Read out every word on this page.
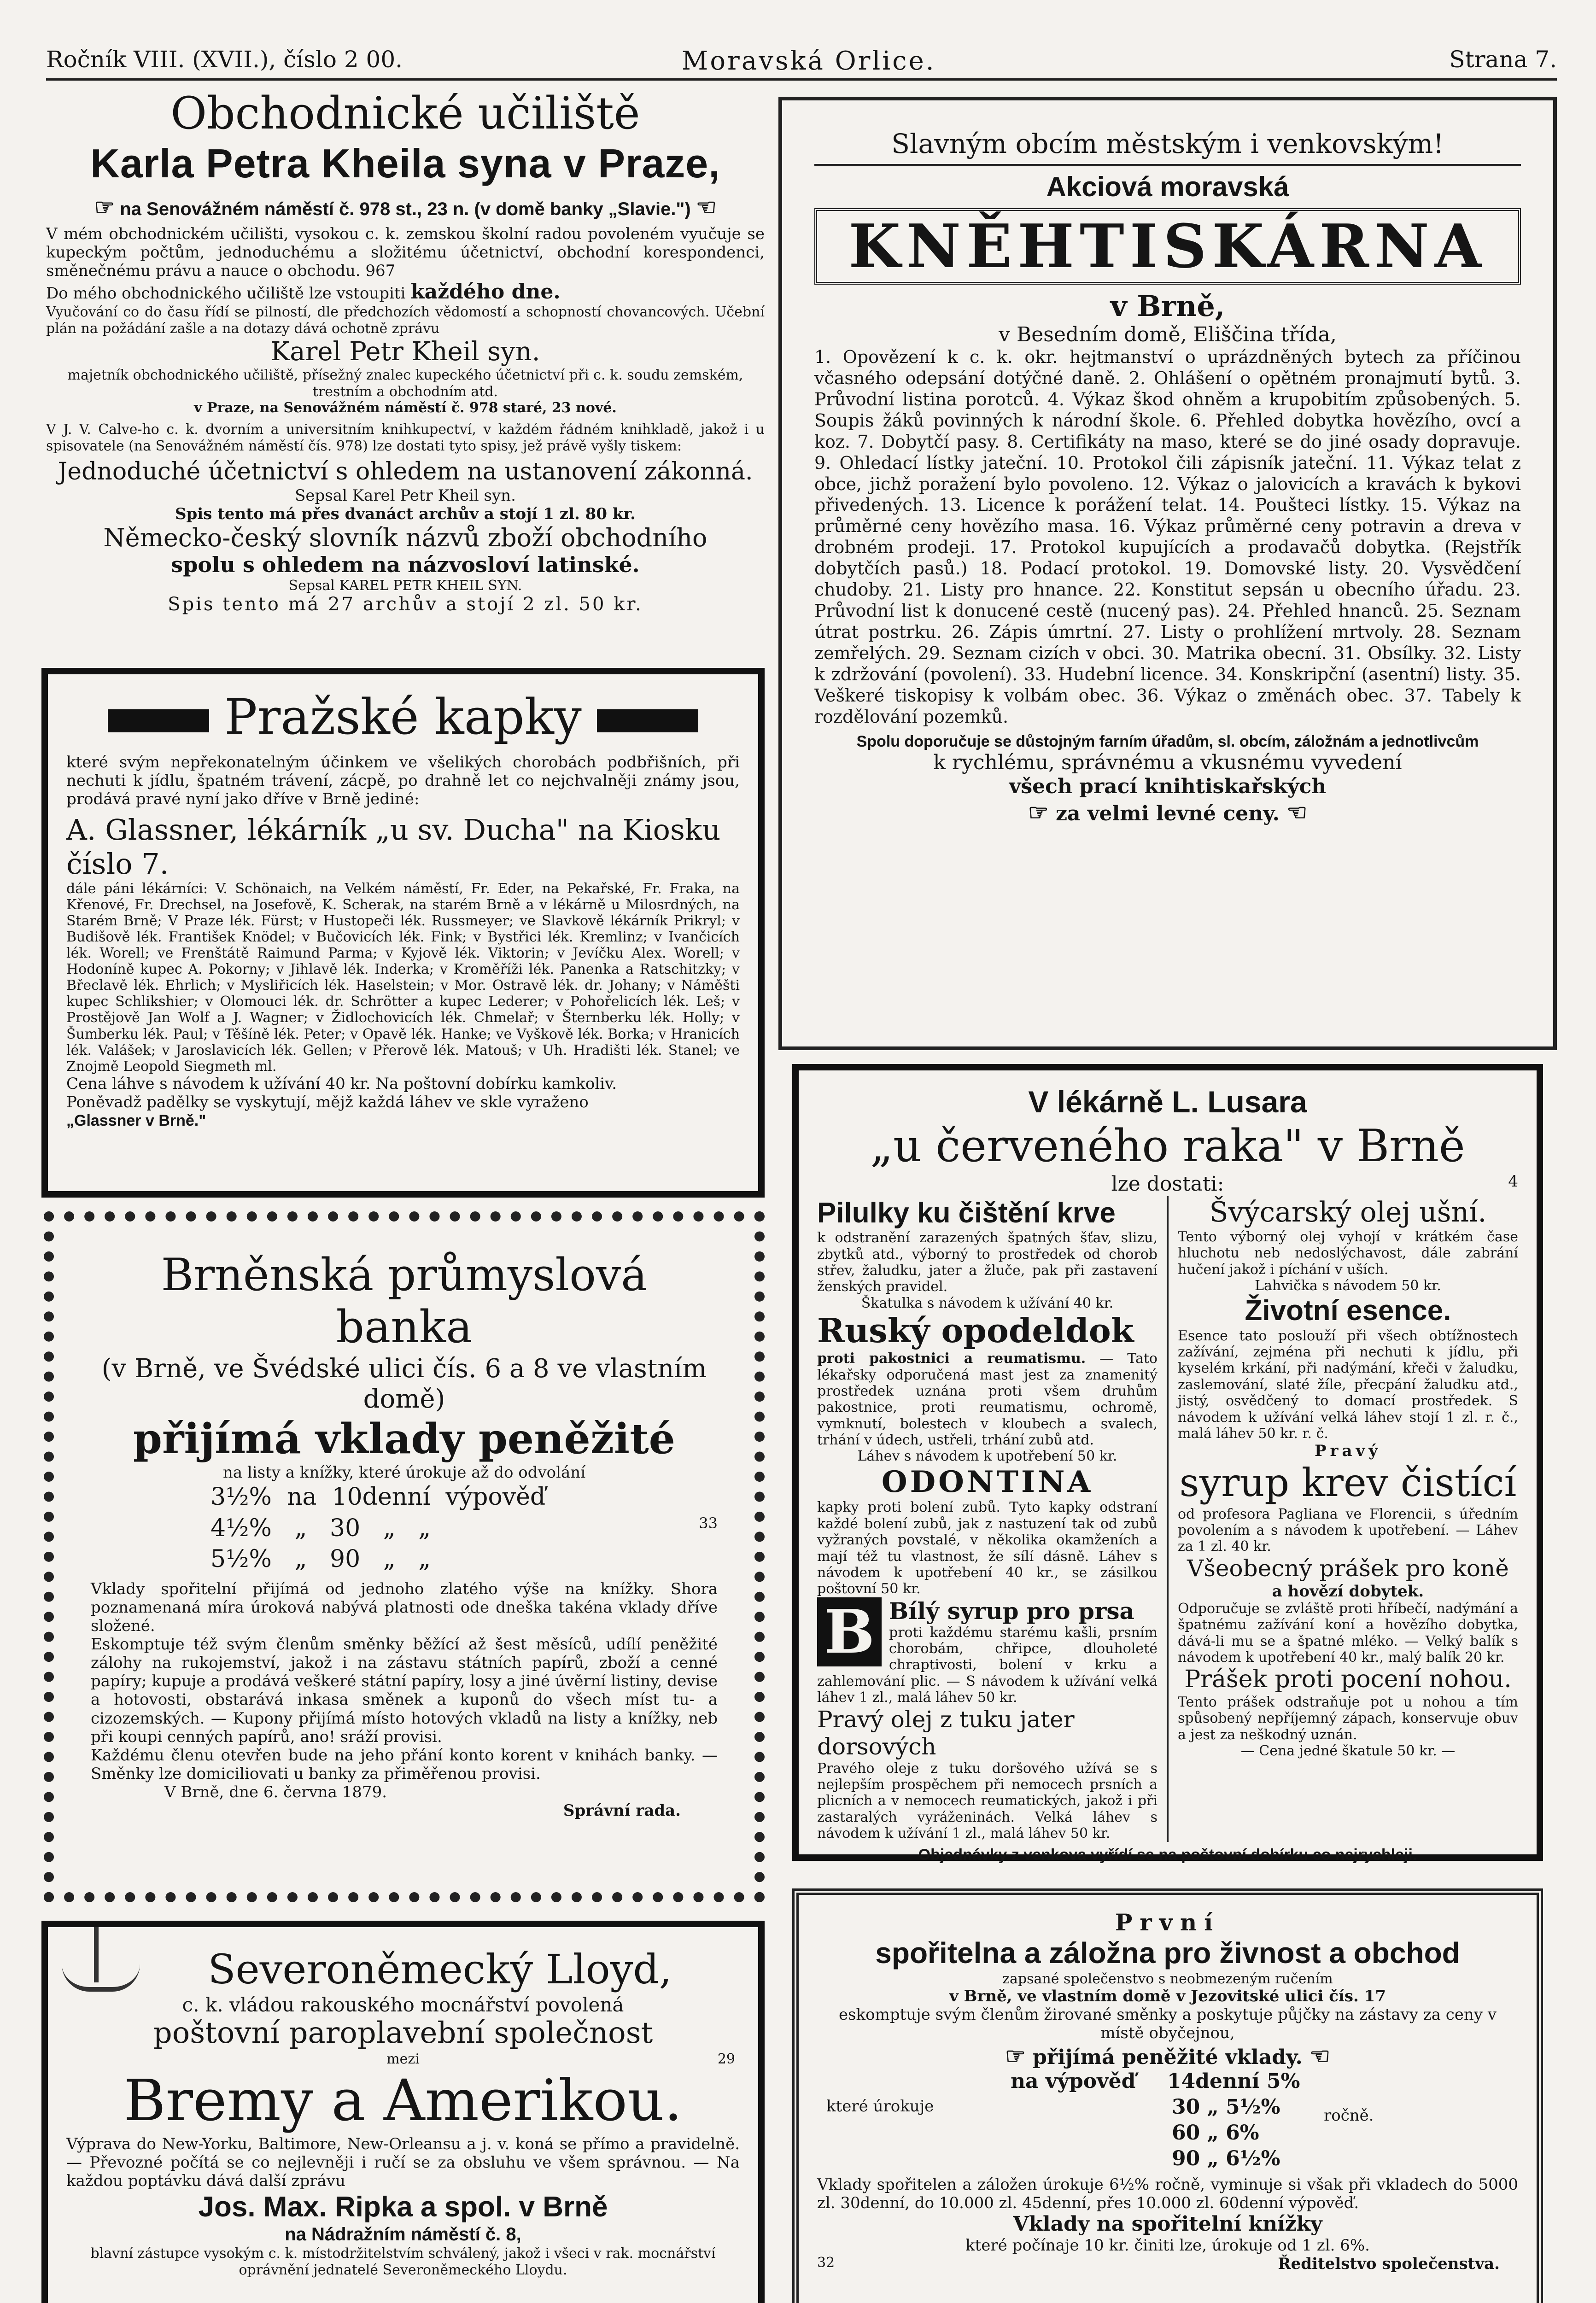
Ročník VIII. (XVII.), číslo 2 00.	Moravská Orlice.	Strana 7.

Obchodnické učiliště

Karla Petra Kheila syna v Praze,

☞ na Senovážném náměstí č. 978 st., 23 n. (v domě banky „Slavie.") ☜

V mém obchodnickém učilišti, vysokou c. k. zemskou školní radou povoleném vyučuje se kupeckým počtům, jednoduchému a složitému účetnictví, obchodní korespondenci, směnečnému právu a nauce o obchodu. 967

Do mého obchodnického učiliště lze vstoupiti každého dne.

Vyučování co do času řídí se pilností, dle předchozích vědomostí a schopností chovancových. Učební plán na požádání zašle a na dotazy dává ochotně zprávu

Karel Petr Kheil syn.

majetník obchodnického učiliště, přísežný znalec kupeckého účetnictví při c. k. soudu zemském, trestním a obchodním atd.

v Praze, na Senovážném náměstí č. 978 staré, 23 nové.

V J. V. Calve-ho c. k. dvorním a universitním knihkupectví, v každém řádném knihkladě, jakož i u spisovatele (na Senovážném náměstí čís. 978) lze dostati tyto spisy, jež právě vyšly tiskem:

Jednoduché účetnictví s ohledem na ustanovení zákonná.

Sepsal Karel Petr Kheil syn.

Spis tento má přes dvanáct archův a stojí 1 zl. 80 kr.

Německo-český slovník názvů zboží obchodního

spolu s ohledem na názvosloví latinské.

Sepsal KAREL PETR KHEIL SYN.

Spis tento má 27 archův a stojí 2 zl. 50 kr.

Pražské kapky

které svým nepřekonatelným účinkem ve všelikých chorobách podbřišních, při nechuti k jídlu, špatném trávení, zácpě, po drahně let co nejchvalněji známy jsou, prodává pravé nyní jako dříve v Brně jediné:

A. Glassner, lékárník „u sv. Ducha" na Kiosku číslo 7.

dále páni lékárníci: V. Schönaich, na Velkém náměstí, Fr. Eder, na Pekařské, Fr. Fraka, na Křenové, Fr. Drechsel, na Josefově, K. Scherak, na starém Brně a v lékárně u Milosrdných, na Starém Brně; V Praze lék. Fürst; v Hustopeči lék. Russmeyer; ve Slavkově lékárník Prikryl; v Budišově lék. František Knödel; v Bučovicích lék. Fink; v Bystřici lék. Kremlinz; v Ivančicích lék. Worell; ve Frenštátě Raimund Parma; v Kyjově lék. Viktorin; v Jevíčku Alex. Worell; v Hodoníně kupec A. Pokorny; v Jihlavě lék. Inderka; v Kroměříži lék. Panenka a Ratschitzky; v Břeclavě lék. Ehrlich; v Mysliřicích lék. Haselstein; v Mor. Ostravě lék. dr. Johany; v Náměšti kupec Schlikshier; v Olomouci lék. dr. Schrötter a kupec Lederer; v Pohořelicích lék. Leš; v Prostějově Jan Wolf a J. Wagner; v Židlochovicích lék. Chmelař; v Šternberku lék. Holly; v Šumberku lék. Paul; v Těšíně lék. Peter; v Opavě lék. Hanke; ve Vyškově lék. Borka; v Hranicích lék. Valášek; v Jaroslavicích lék. Gellen; v Přerově lék. Matouš; v Uh. Hradišti lék. Stanel; ve Znojmě Leopold Siegmeth ml.

Cena láhve s návodem k užívání 40 kr. Na poštovní dobírku kamkoliv.

Poněvadž padělky se vyskytují, mějž každá láhev ve skle vyraženo

„Glassner v Brně."

Brněnská průmyslová banka

(v Brně, ve Švédské ulici čís. 6 a 8 ve vlastním domě)

přijímá vklady peněžité

na listy a knížky, které úrokuje až do odvolání

3½%  na  10denní  výpověď
4½%   „   30   „   „
5½%   „   90   „   „
33

Vklady spořitelní přijímá od jednoho zlatého výše na knížky. Shora poznamenaná míra úroková nabývá platnosti ode dneška takéna vklady dříve složené.

Eskomptuje též svým členům směnky běžící až šest měsíců, udílí peněžité zálohy na rukojemství, jakož i na zástavu státních papírů, zboží a cenné papíry; kupuje a prodává veškeré státní papíry, losy a jiné úvěrní listiny, devise a hotovosti, obstarává inkasa směnek a kuponů do všech míst tu- a cizozemských. — Kupony přijímá místo hotových vkladů na listy a knížky, neb při koupi cenných papírů, ano! sráží provisi.

Každému členu otevřen bude na jeho přání konto korent v knihách banky. — Směnky lze domiciliovati u banky za přiměřenou provisi.

V Brně, dne 6. června 1879.

Správní rada.

Severoněmecký Lloyd,

c. k. vládou rakouského mocnářství povolená

poštovní paroplavební společnost

mezi	29

Bremy a Amerikou.

Výprava do New-Yorku, Baltimore, New-Orleansu a j. v. koná se přímo a pravidelně. — Převozné počítá se co nejlevněji i ručí se za obsluhu ve všem správnou. — Na každou poptávku dává další zprávu

Jos. Max. Ripka a spol. v Brně

na Nádražním náměstí č. 8,

blavní zástupce vysokým c. k. místodržitelstvím schválený, jakož i všeci v rak. mocnářství oprávnění jednatelé Severoněmeckého Lloydu.

Slavným obcím městským i venkovským!

Akciová moravská

KNĚHTISKÁRNA

v Brně,

v Besedním domě, Eliščina třída,

1. Opovězení k c. k. okr. hejtmanství o uprázdněných bytech za příčinou včasného odepsání dotýčné daně. 2. Ohlášení o opětném pronajmutí bytů. 3. Průvodní listina porotců. 4. Výkaz škod ohněm a krupobitím způsobených. 5. Soupis žáků povinných k národní škole. 6. Přehled dobytka hovězího, ovcí a koz. 7. Dobytčí pasy. 8. Certifikáty na maso, které se do jiné osady dopravuje. 9. Ohledací lístky jateční. 10. Protokol čili zápisník jateční. 11. Výkaz telat z obce, jichž poražení bylo povoleno. 12. Výkaz o jalovicích a kravách k bykovi přivedených. 13. Licence k porážení telat. 14. Poušteci lístky. 15. Výkaz na průměrné ceny hovězího masa. 16. Výkaz průměrné ceny potravin a dreva v drobném prodeji. 17. Protokol kupujících a prodavačů dobytka. (Rejstřík dobytčích pasů.) 18. Podací protokol. 19. Domovské listy. 20. Vysvědčení chudoby. 21. Listy pro hnance. 22. Konstitut sepsán u obecního úřadu. 23. Průvodní list k donucené cestě (nucený pas). 24. Přehled hnanců. 25. Seznam útrat postrku. 26. Zápis úmrtní. 27. Listy o prohlížení mrtvoly. 28. Seznam zemřelých. 29. Seznam cizích v obci. 30. Matrika obecní. 31. Obsílky. 32. Listy k zdržování (povolení). 33. Hudební licence. 34. Konskripční (asentní) listy. 35. Veškeré tiskopisy k volbám obec. 36. Výkaz o změnách obec. 37. Tabely k rozdělování pozemků.

Spolu doporučuje se důstojným farním úřadům, sl. obcím, záložnám a jednotlivcům

k rychlému, správnému a vkusnému vyvedení

všech prací knihtiskařských

☞ za velmi levné ceny. ☜

V lékárně L. Lusara

„u červeného raka" v Brně

lze dostati:	4

Pilulky ku čištění krve

k odstranění zarazených špatných šťav, slizu, zbytků atd., výborný to prostředek od chorob střev, žaludku, jater a žluče, pak při zastavení ženských pravidel.

Škatulka s návodem k užívání 40 kr.

Ruský opodeldok

proti pakostnici a reumatismu. — Tato lékařsky odporučená mast jest za znamenitý prostředek uznána proti všem druhům pakostnice, proti reumatismu, ochromě, vymknutí, bolestech v kloubech a svalech, trhání v údech, ustřeli, trhání zubů atd.

Láhev s návodem k upotřebení 50 kr.

ODONTINA

kapky proti bolení zubů. Tyto kapky odstraní každé bolení zubů, jak z nastuzení tak od zubů vyžraných povstalé, v několika okamženích a mají též tu vlastnost, že sílí dásně. Láhev s návodem k upotřebení 40 kr., se zásilkou poštovní 50 kr.

B Bílý syrup pro prsa

proti každému starému kašli, prsním chorobám, chřipce, dlouholeté chraptivosti, bolení v krku a zahlemování plic. — S návodem k užívání velká láhev 1 zl., malá láhev 50 kr.

Pravý olej z tuku jater dorsových

Pravého oleje z tuku doršového užívá se s nejlepším prospěchem při nemocech prsních a plicních a v nemocech reumatických, jakož i při zastaralých vyráženinách. Velká láhev s návodem k užívání 1 zl., malá láhev 50 kr.

Švýcarský olej ušní.

Tento výborný olej vyhojí v krátkém čase hluchotu neb nedoslýchavost, dále zabrání hučení jakož i píchání v uších.

Lahvička s návodem 50 kr.

Životní esence.

Esence tato poslouží při všech obtížnostech zažívání, zejména při nechuti k jídlu, při kyselém krkání, při nadýmání, křeči v žaludku, zaslemování, slaté žíle, přecpání žaludku atd., jistý, osvědčený to domací prostředek. S návodem k užívání velká láhev stojí 1 zl. r. č., malá láhev 50 kr. r. č.

Pravý

syrup krev čistící

od profesora Pagliana ve Florencii, s úředním povolením a s návodem k upotřebení. — Láhev za 1 zl. 40 kr.

Všeobecný prášek pro koně

a hovězí dobytek.

Odporučuje se zvláště proti hříbečí, nadýmání a špatnému zažívání koní a hovězího dobytka, dává-li mu se a špatné mléko. — Velký balík s návodem k upotřebení 40 kr., malý balík 20 kr.

Prášek proti pocení nohou.

Tento prášek odstraňuje pot u nohou a tím spůsobený nepříjemný zápach, konservuje obuv a jest za neškodný uznán.

— Cena jedné škatule 50 kr. —

Objednávky z venkova vyřídí se na poštovní dobírku co nejrychleji.

První

spořitelna a záložna pro živnost a obchod

zapsané společenstvo s neobmezeným ručením

v Brně, ve vlastním domě v Jezovitské ulici čís. 17

eskomptuje svým členům žirované směnky a poskytuje půjčky na zástavy za ceny v místě obyčejnou,

☞ přijímá peněžité vklady. ☜

na výpověď 14denní 5%
které úrokuje	30 „ 5½%
60 „ 6%
90 „ 6½%
ročně.

Vklady spořitelen a záložen úrokuje 6½% ročně, vyminuje si však při vkladech do 5000 zl. 30denní, do 10.000 zl. 45denní, přes 10.000 zl. 60denní výpověď.

Vklady na spořitelní knížky

které počínaje 10 kr. činiti lze, úrokuje od 1 zl. 6%.

32	Ředitelstvo společenstva.
